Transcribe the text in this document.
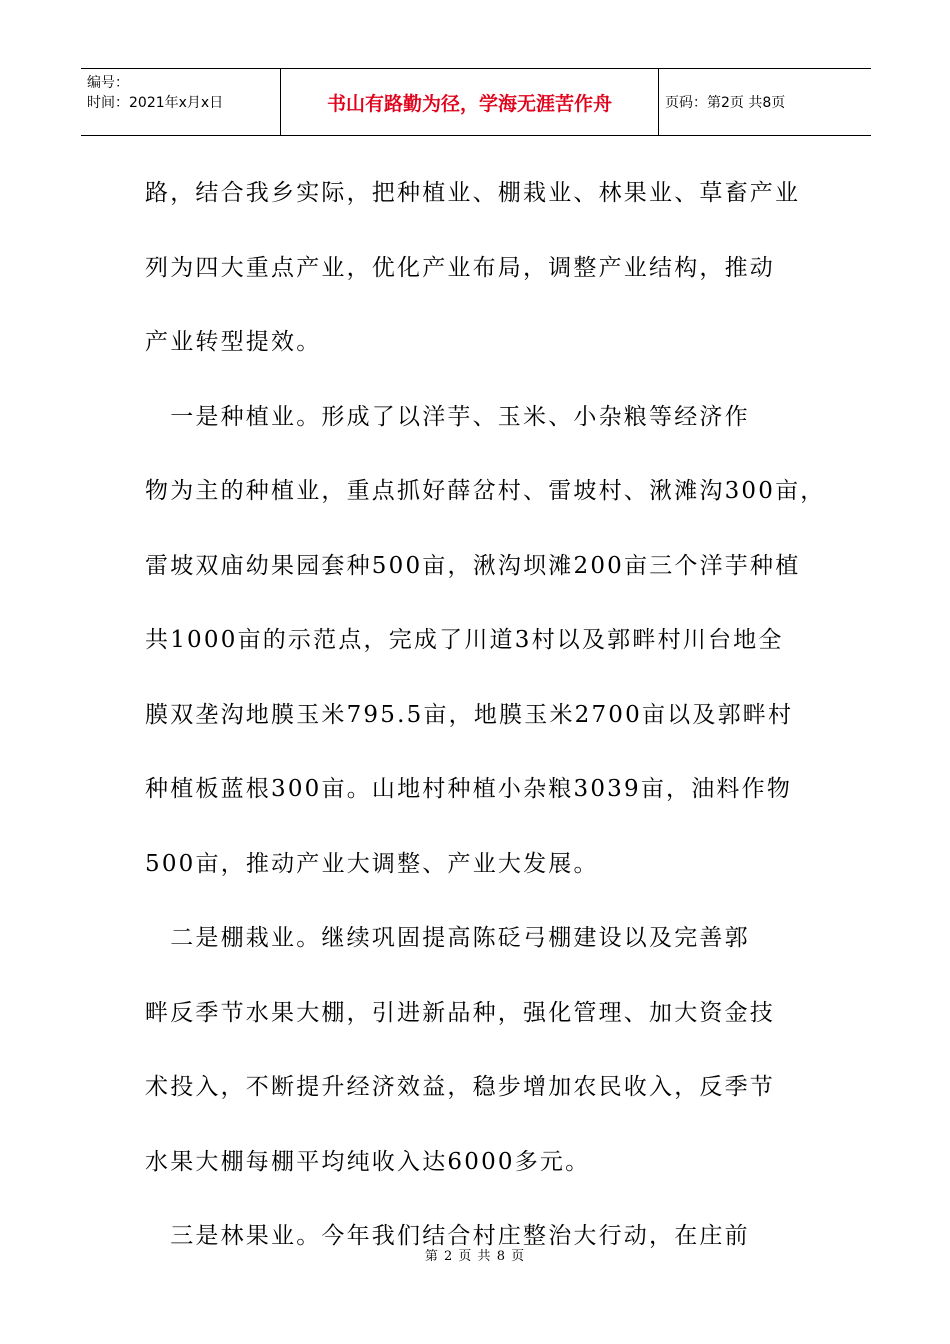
编号：
时间：2021年x月x日	书山有路勤为径，学海无涯苦作舟	页码：第2页 共8页

路，结合我乡实际，把种植业、棚栽业、林果业、草畜产业

列为四大重点产业，优化产业布局，调整产业结构，推动

产业转型提效。

　一是种植业。形成了以洋芋、玉米、小杂粮等经济作

物为主的种植业，重点抓好薛岔村、雷坡村、湫滩沟300亩，

雷坡双庙幼果园套种500亩，湫沟坝滩200亩三个洋芋种植

共1000亩的示范点，完成了川道3村以及郭畔村川台地全

膜双垄沟地膜玉米795.5亩，地膜玉米2700亩以及郭畔村

种植板蓝根300亩。山地村种植小杂粮3039亩，油料作物

500亩，推动产业大调整、产业大发展。

　二是棚栽业。继续巩固提高陈砭弓棚建设以及完善郭

畔反季节水果大棚，引进新品种，强化管理、加大资金技

术投入，不断提升经济效益，稳步增加农民收入，反季节

水果大棚每棚平均纯收入达6000多元。

　三是林果业。今年我们结合村庄整治大行动，在庄前

第 2 页 共 8 页
